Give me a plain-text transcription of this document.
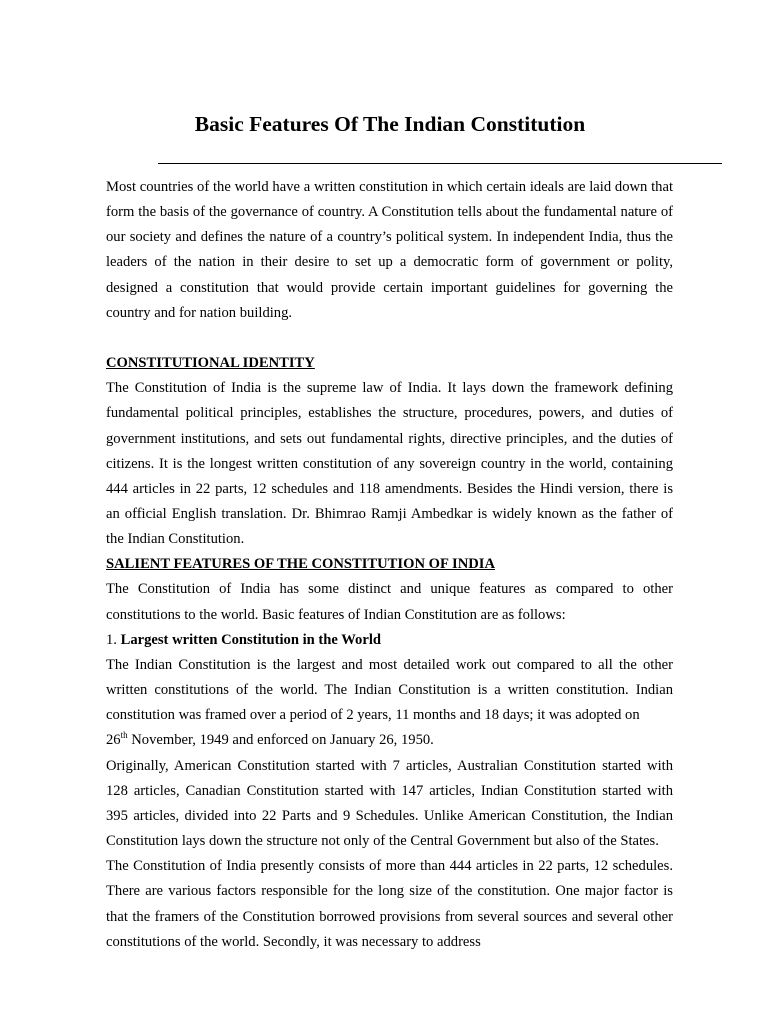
Basic Features Of The Indian Constitution

Most countries of the world have a written constitution in which certain ideals are laid down that form the basis of the governance of country. A Constitution tells about the fundamental nature of our society and defines the nature of a country’s political system. In independent India, thus the leaders of the nation in their desire to set up a democratic form of government or polity, designed a constitution that would provide certain important guidelines for governing the country and for nation building.

CONSTITUTIONAL IDENTITY

The Constitution of India is the supreme law of India. It lays down the framework defining fundamental political principles, establishes the structure, procedures, powers, and duties of government institutions, and sets out fundamental rights, directive principles, and the duties of citizens. It is the longest written constitution of any sovereign country in the world, containing 444 articles in 22 parts, 12 schedules and 118 amendments. Besides the Hindi version, there is an official English translation. Dr. Bhimrao Ramji Ambedkar is widely known as the father of the Indian Constitution.

SALIENT FEATURES OF THE CONSTITUTION OF INDIA

The Constitution of India has some distinct and unique features as compared to other constitutions to the world. Basic features of Indian Constitution are as follows:

1. Largest written Constitution in the World

The Indian Constitution is the largest and most detailed work out compared to all the other written constitutions of the world. The Indian Constitution is a written constitution. Indian constitution was framed over a period of 2 years, 11 months and 18 days; it was adopted on

26th November, 1949 and enforced on January 26, 1950.

Originally, American Constitution started with 7 articles, Australian Constitution started with 128 articles, Canadian Constitution started with 147 articles, Indian Constitution started with 395 articles, divided into 22 Parts and 9 Schedules. Unlike American Constitution, the Indian Constitution lays down the structure not only of the Central Government but also of the States.

The Constitution of India presently consists of more than 444 articles in 22 parts, 12 schedules. There are various factors responsible for the long size of the constitution. One major factor is that the framers of the Constitution borrowed provisions from several sources and several other constitutions of the world. Secondly, it was necessary to address
